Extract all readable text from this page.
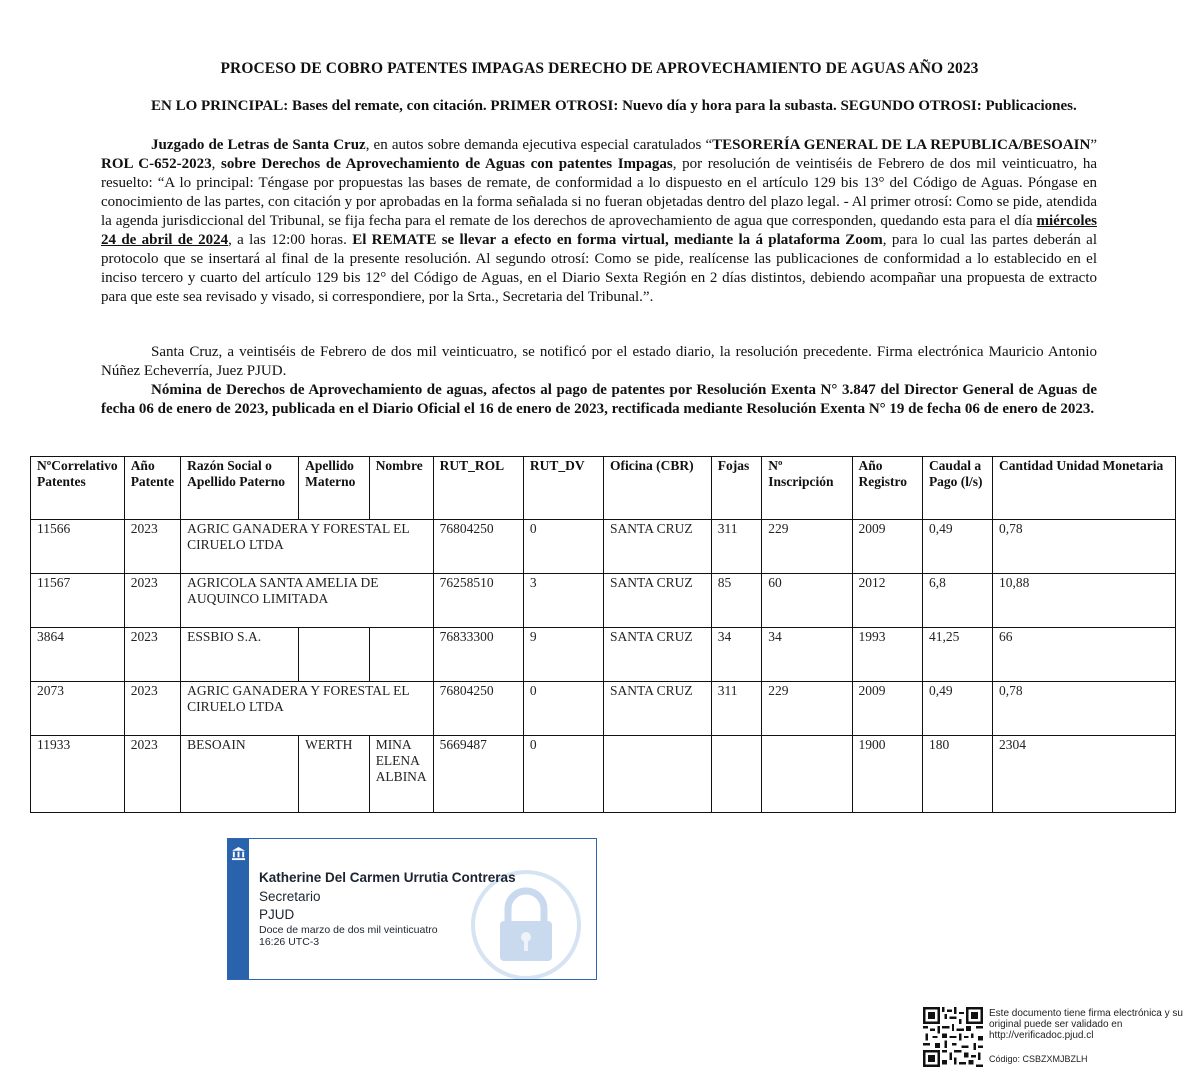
PROCESO DE COBRO PATENTES IMPAGAS DERECHO DE APROVECHAMIENTO DE AGUAS AÑO 2023
EN LO PRINCIPAL: Bases del remate, con citación. PRIMER OTROSI: Nuevo día y hora para la subasta. SEGUNDO OTROSI: Publicaciones.
Juzgado de Letras de Santa Cruz, en autos sobre demanda ejecutiva especial caratulados “TESORERÍA GENERAL DE LA REPUBLICA/BESOAIN” ROL C-652-2023, sobre Derechos de Aprovechamiento de Aguas con patentes Impagas, por resolución de veintiséis de Febrero de dos mil veinticuatro, ha resuelto: “A lo principal: Téngase por propuestas las bases de remate, de conformidad a lo dispuesto en el artículo 129 bis 13° del Código de Aguas. Póngase en conocimiento de las partes, con citación y por aprobadas en la forma señalada si no fueran objetadas dentro del plazo legal. - Al primer otrosí: Como se pide, atendida la agenda jurisdiccional del Tribunal, se fija fecha para el remate de los derechos de aprovechamiento de agua que corresponden, quedando esta para el día miércoles 24 de abril de 2024, a las 12:00 horas. El REMATE se llevar a efecto en forma virtual, mediante la á plataforma Zoom, para lo cual las partes deberán al protocolo que se insertará al final de la presente resolución. Al segundo otrosí: Como se pide, realícense las publicaciones de conformidad a lo establecido en el inciso tercero y cuarto del artículo 129 bis 12° del Código de Aguas, en el Diario Sexta Región en 2 días distintos, debiendo acompañar una propuesta de extracto para que este sea revisado y visado, si correspondiere, por la Srta., Secretaria del Tribunal.”.
Santa Cruz, a veintiséis de Febrero de dos mil veinticuatro, se notificó por el estado diario, la resolución precedente. Firma electrónica Mauricio Antonio Núñez Echeverría, Juez PJUD.
Nómina de Derechos de Aprovechamiento de aguas, afectos al pago de patentes por Resolución Exenta N° 3.847 del Director General de Aguas de fecha 06 de enero de 2023, publicada en el Diario Oficial el 16 de enero de 2023, rectificada mediante Resolución Exenta N° 19 de fecha 06 de enero de 2023.
NºCorrelativo Patentes	Año Patente	Razón Social o Apellido Paterno	Apellido Materno	Nombre	RUT_ROL	RUT_DV	Oficina (CBR)	Fojas	Nº Inscripción	Año Registro	Caudal a Pago (l/s)	Cantidad Unidad Monetaria
11566	2023	AGRIC GANADERA Y FORESTAL EL CIRUELO LTDA			76804250	0	SANTA CRUZ	311	229	2009	0,49	0,78
11567	2023	AGRICOLA SANTA AMELIA DE AUQUINCO LIMITADA			76258510	3	SANTA CRUZ	85	60	2012	6,8	10,88
3864	2023	ESSBIO S.A.			76833300	9	SANTA CRUZ	34	34	1993	41,25	66
2073	2023	AGRIC GANADERA Y FORESTAL EL CIRUELO LTDA			76804250	0	SANTA CRUZ	311	229	2009	0,49	0,78
11933	2023	BESOAIN	WERTH	MINA ELENA ALBINA	5669487	0				1900	180	2304
Katherine Del Carmen Urrutia Contreras
Secretario
PJUD
Doce de marzo de dos mil veinticuatro
16:26 UTC-3
Este documento tiene firma electrónica y su original puede ser validado en http://verificadoc.pjud.cl
Código: CSBZXMJBZLH
